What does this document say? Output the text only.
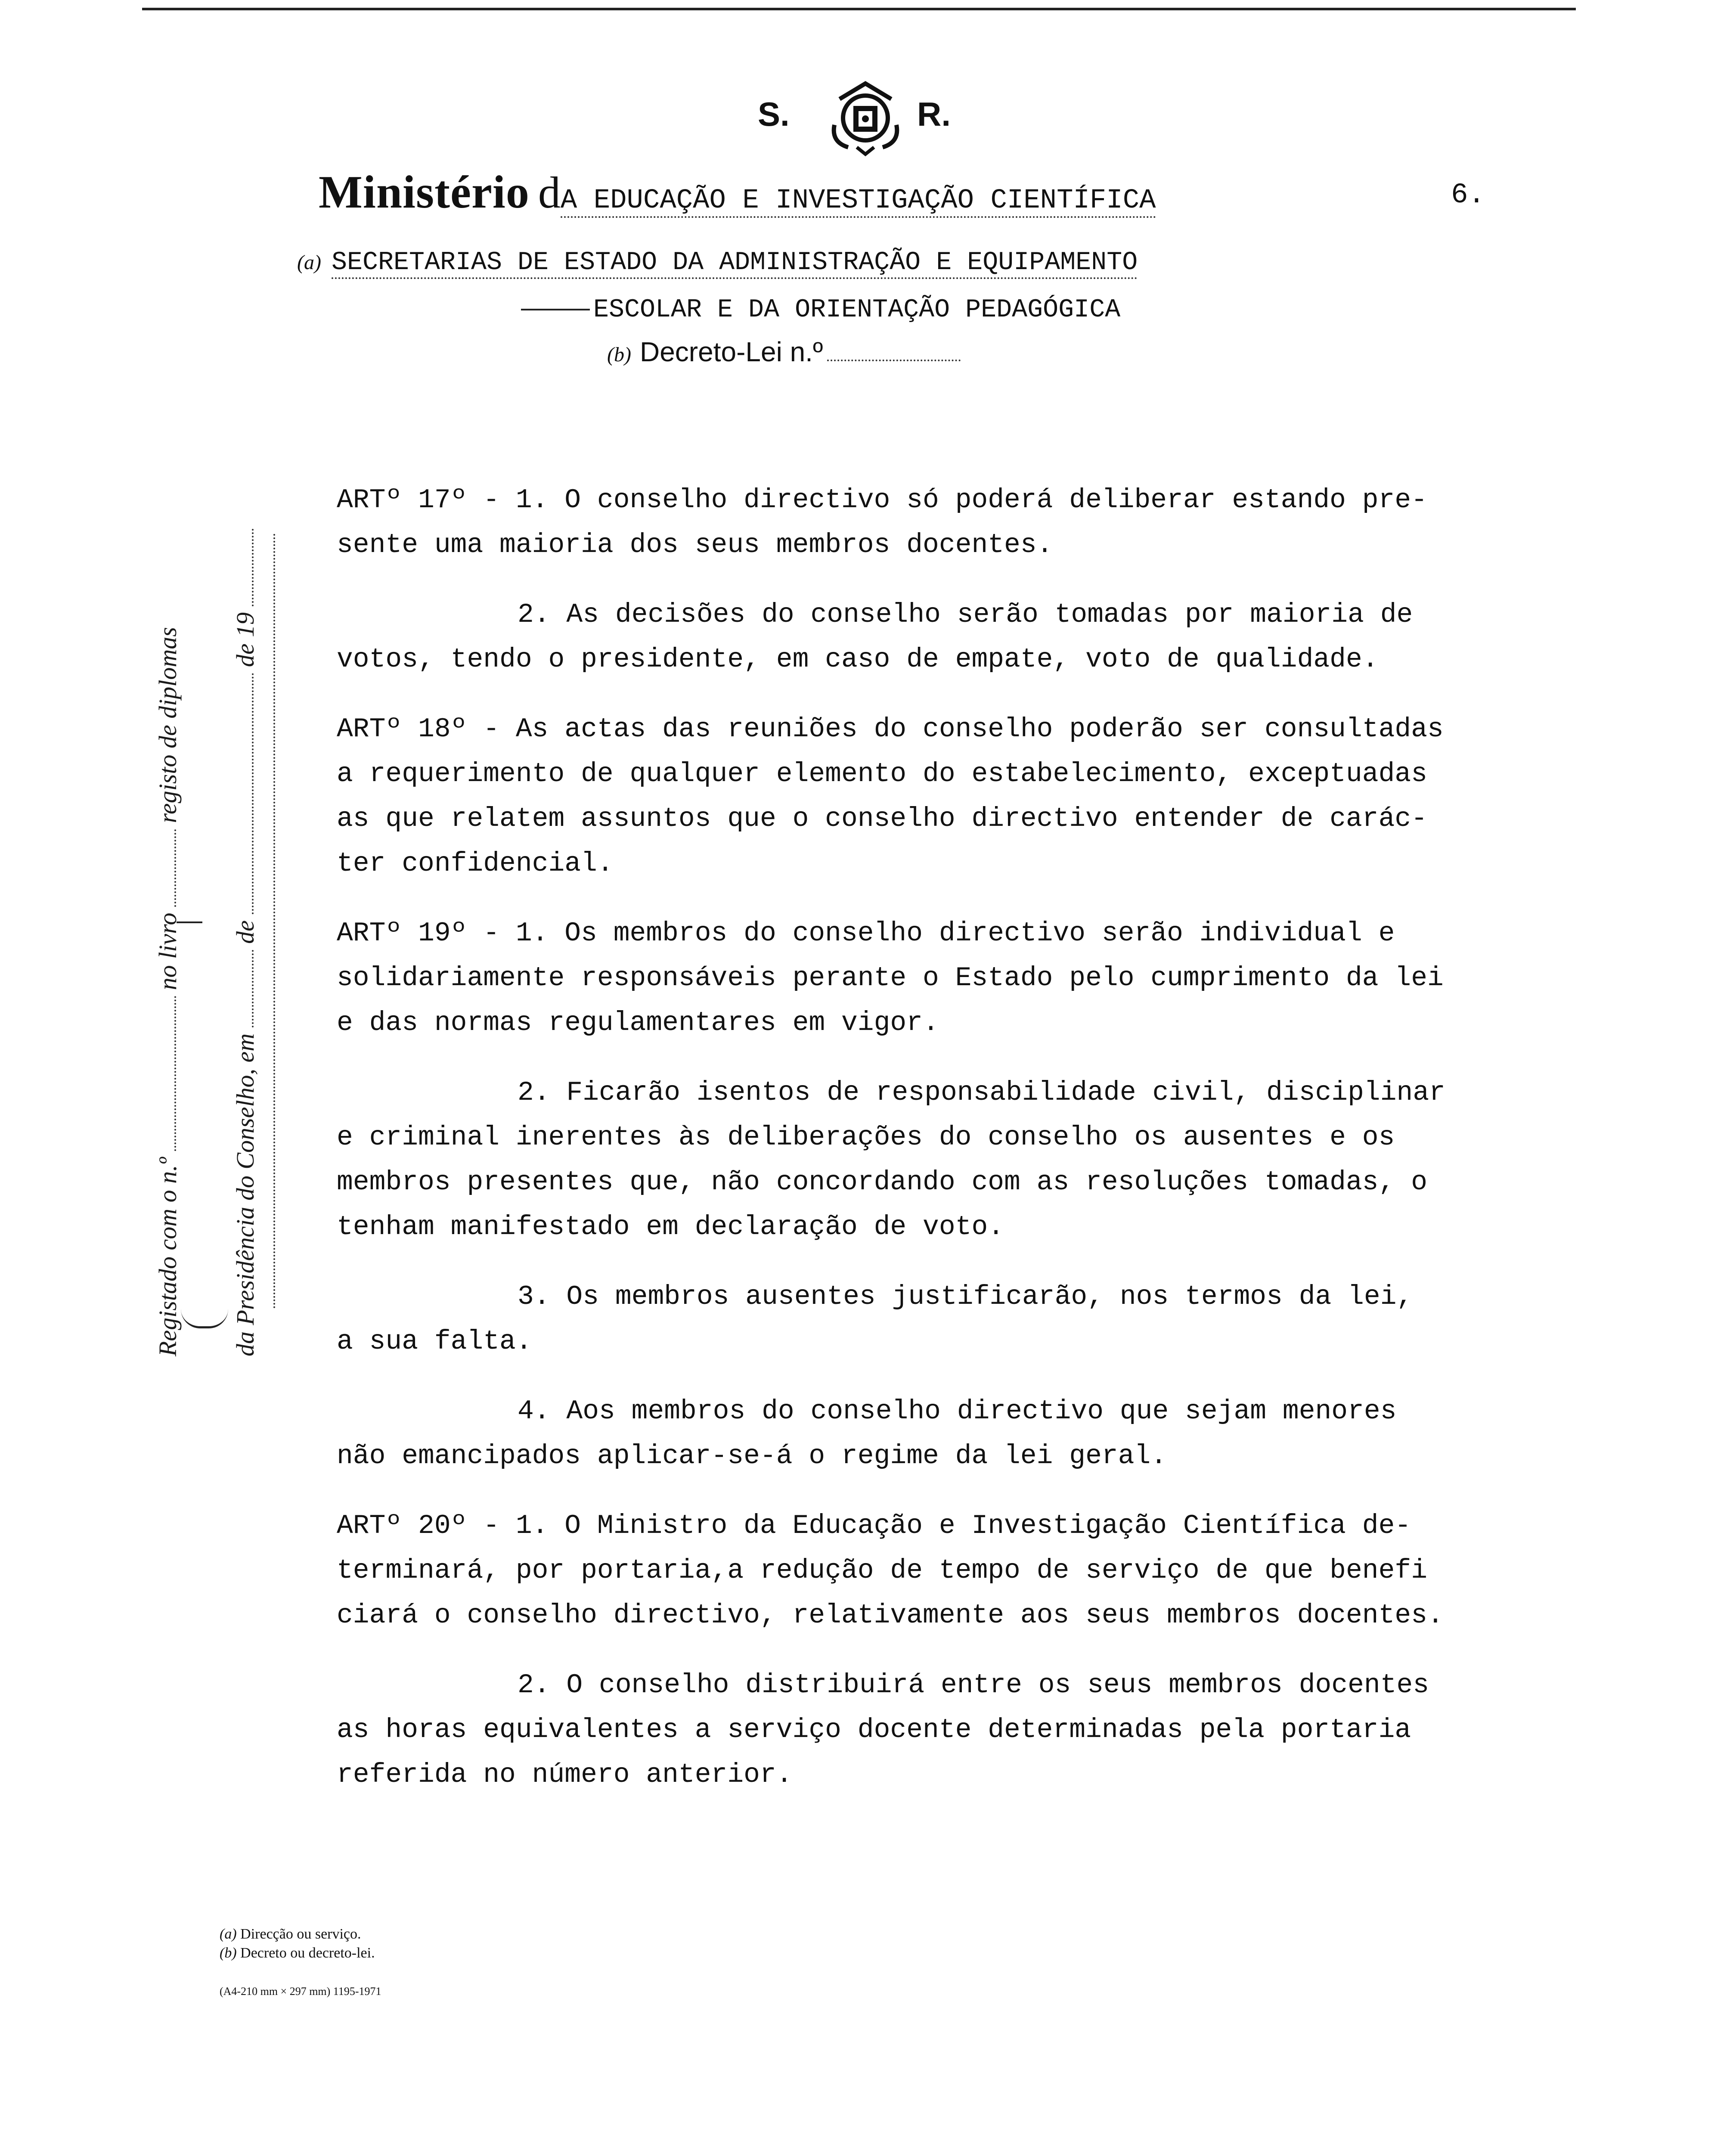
S.	R.
Ministério dA EDUCAÇÃO E INVESTIGAÇÃO CIENTÍFICA	6.
(a) SECRETARIAS DE ESTADO DA ADMINISTRAÇÃO E EQUIPAMENTO
ESCOLAR E DA ORIENTAÇÃO PEDAGÓGICA
(b) Decreto-Lei n.º
Registado com o n.ºno livroregisto de diplomas
da Presidência do Conselho, emdede 19
ARTº 17º - 1. O conselho directivo só poderá deliberar estando pre-
sente uma maioria dos seus membros docentes.
2. As decisões do conselho serão tomadas por maioria de
votos, tendo o presidente, em caso de empate, voto de qualidade.
ARTº 18º - As actas das reuniões do conselho poderão ser consultadas
a requerimento de qualquer elemento do estabelecimento, exceptuadas
as que relatem assuntos que o conselho directivo entender de carác-
ter confidencial.
ARTº 19º - 1. Os membros do conselho directivo serão individual e
solidariamente responsáveis perante o Estado pelo cumprimento da lei
e das normas regulamentares em vigor.
2. Ficarão isentos de responsabilidade civil, disciplinar
e criminal inerentes às deliberações do conselho os ausentes e os
membros presentes que, não concordando com as resoluções tomadas, o
tenham manifestado em declaração de voto.
3. Os membros ausentes justificarão, nos termos da lei,
a sua falta.
4. Aos membros do conselho directivo que sejam menores
não emancipados aplicar-se-á o regime da lei geral.
ARTº 20º - 1. O Ministro da Educação e Investigação Científica de-
terminará, por portaria,a redução de tempo de serviço de que benefi
ciará o conselho directivo, relativamente aos seus membros docentes.
2. O conselho distribuirá entre os seus membros docentes
as horas equivalentes a serviço docente determinadas pela portaria
referida no número anterior.
(a) Direcção ou serviço.
(b) Decreto ou decreto-lei.
(A4-210 mm × 297 mm) 1195-1971
